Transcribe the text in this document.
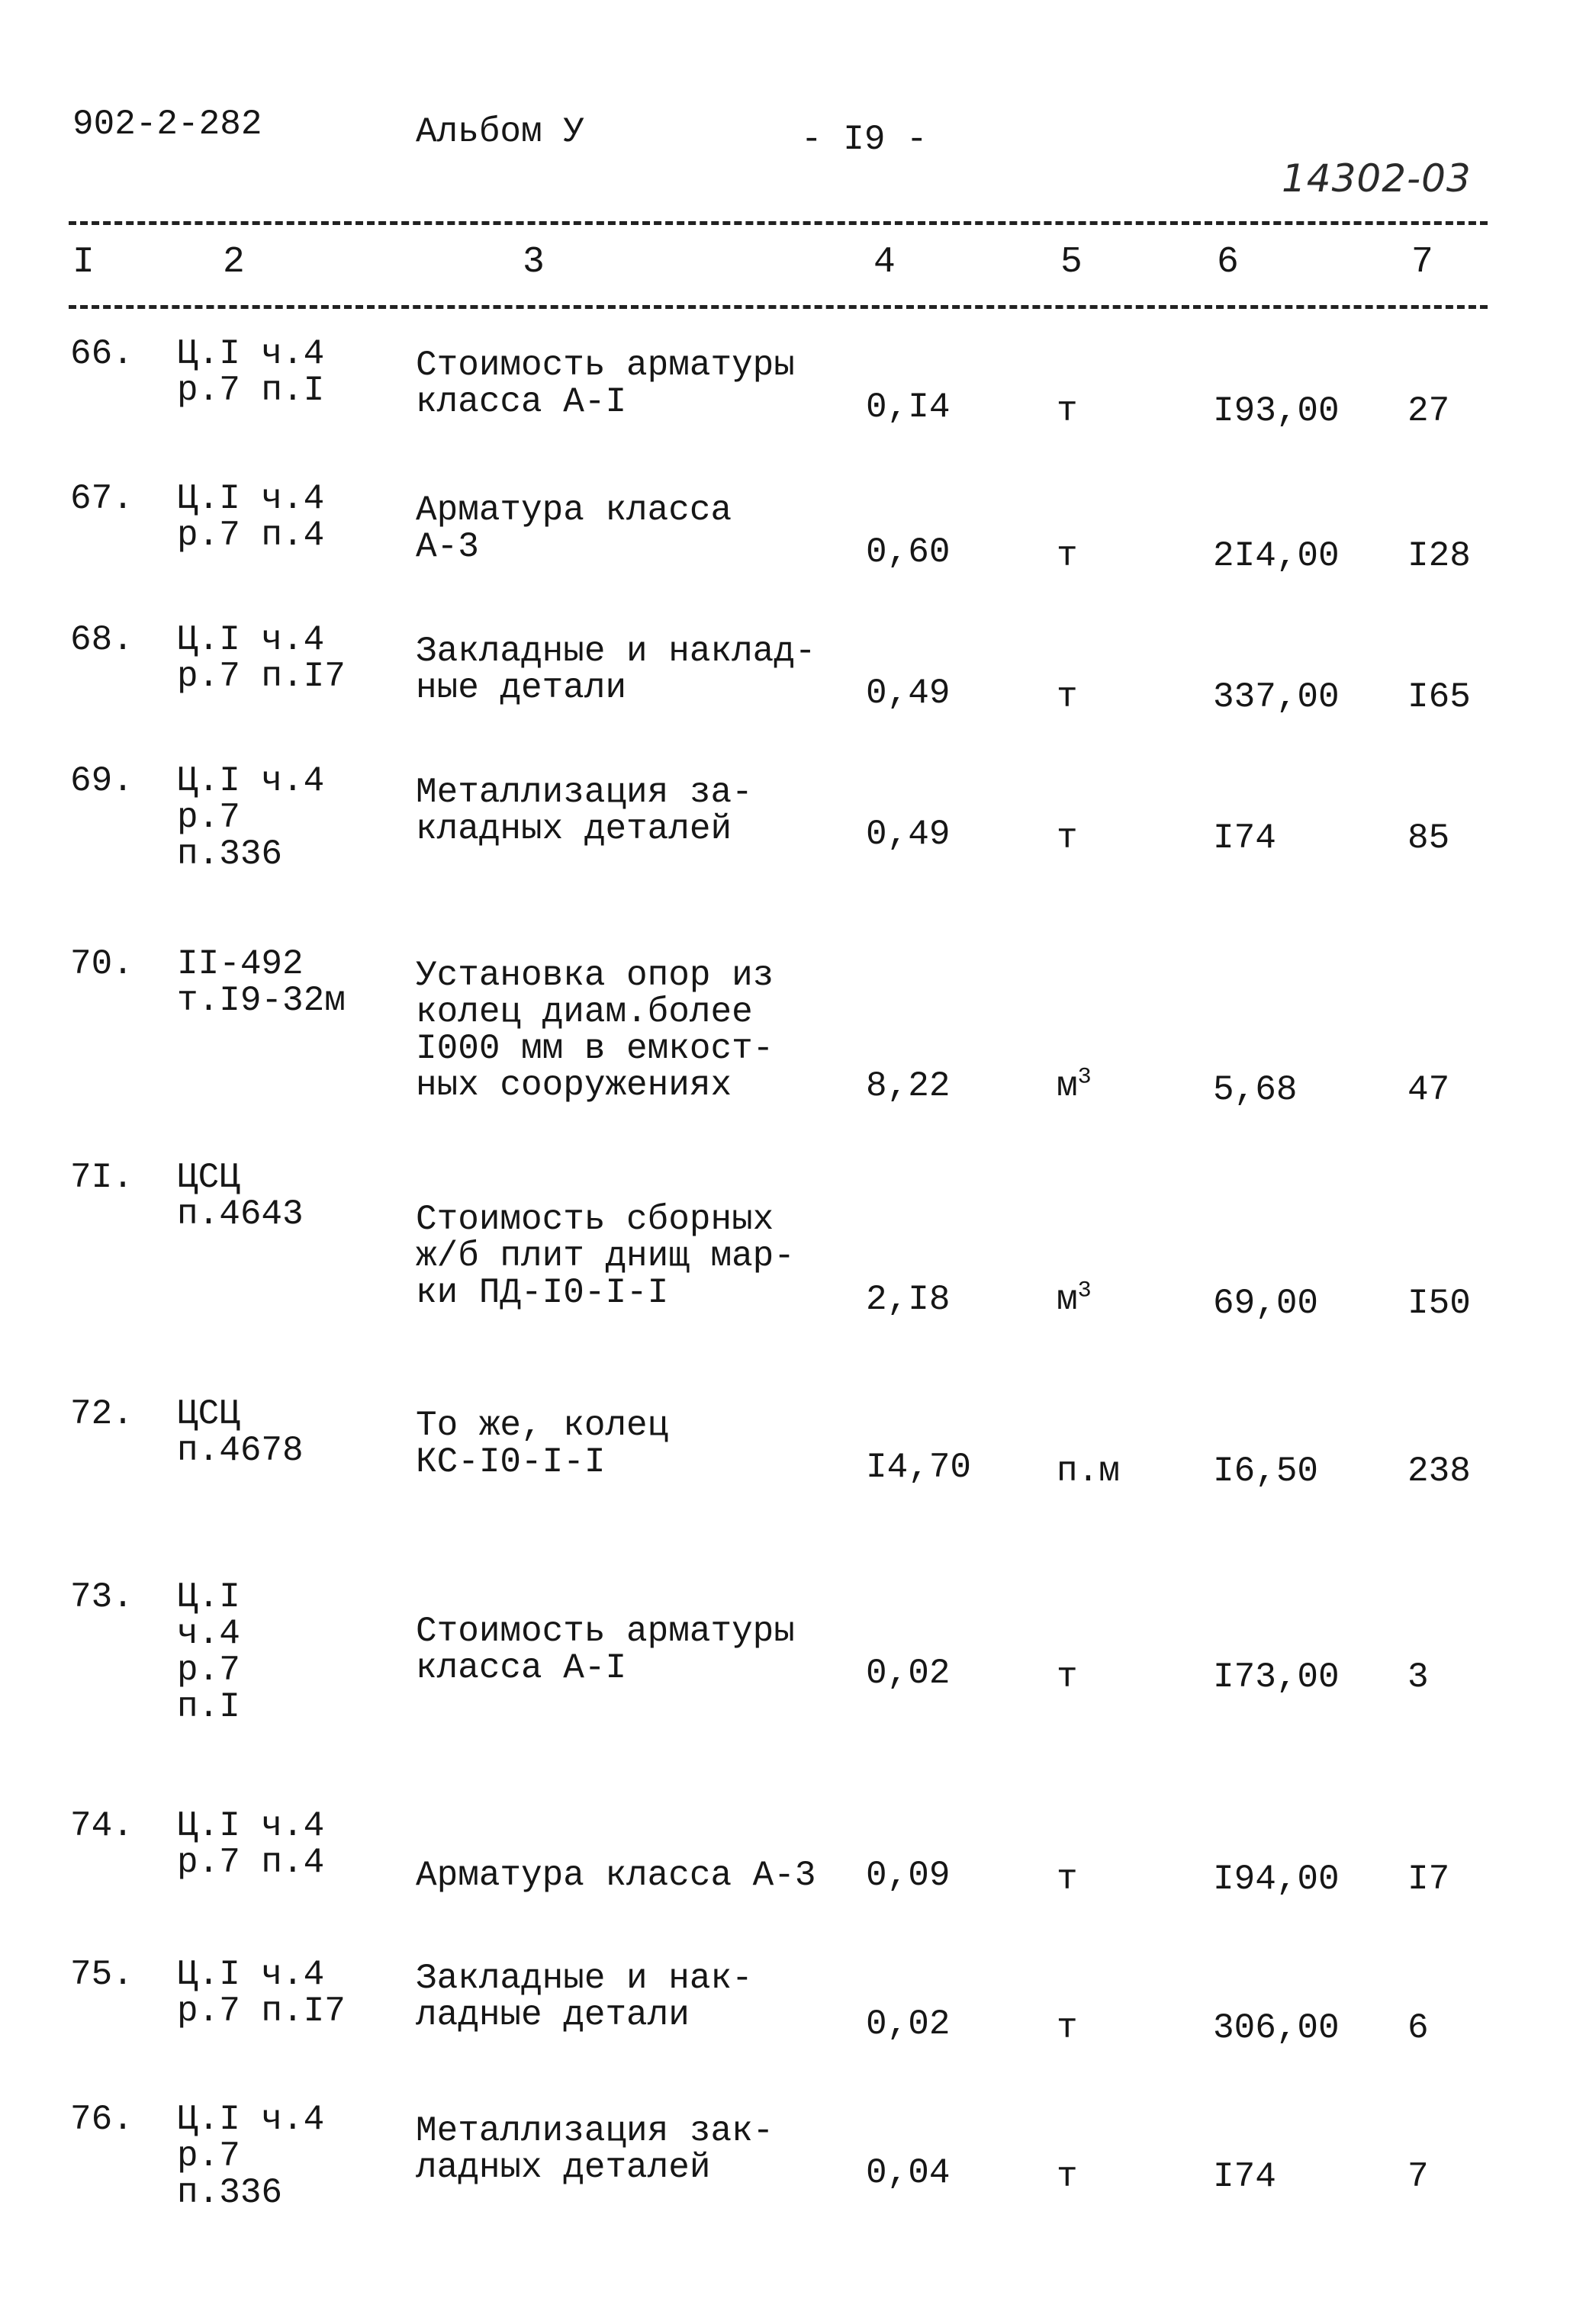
902-2-282	Альбом У	- I9 -
14302-03
I	2	3	4	5	6	7
66. Ц.I ч.4
р.7 п.I
Стоимость арматуры
класса А-I	0,I4	т	I93,00 27
67. Ц.I ч.4
р.7 п.4
Арматура класса
А-3	0,60	т	2I4,00 I28
68. Ц.I ч.4
р.7 п.I7
Закладные и наклад-
ные детали	0,49	т	337,00 I65
69. Ц.I ч.4
р.7
п.336
Металлизация за-
кладных деталей	0,49	т	I74	85
70. II-492
т.I9-32м
Установка опор из
колец диам.более
I000 мм в емкост-
ных сооружениях	8,22	$м^3$	5,68	47
7I. ЦСЦ
п.4643	Стоимость сборных
ж/б плит днищ мар-
ки ПД-I0-I-I	2,I8	$м^3$	69,00	I50
72. ЦСЦ
п.4678
То же, колец
КС-I0-I-I	I4,70 п.м	I6,50	238
73. Ц.I
ч.4
р.7
п.I
Стоимость арматуры
класса А-I	0,02	т	I73,00 3
74. Ц.I ч.4
р.7 п.4	Арматура класса А-3	0,09	т	I94,00 I7
75. Ц.I ч.4
р.7 п.I7
Закладные и нак-
ладные детали	0,02	т	306,00 6
76. Ц.I ч.4
р.7
п.336
Металлизация зак-
ладных деталей	0,04	т	I74	7
